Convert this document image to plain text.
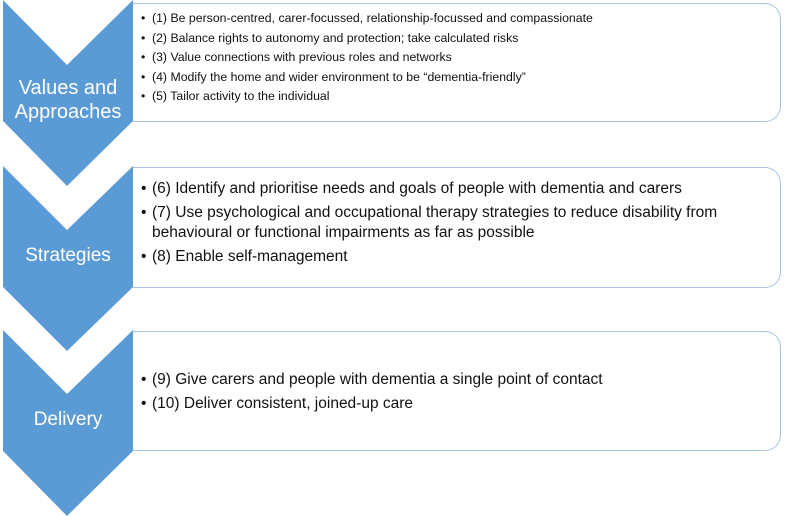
• (1) Be person-centred, carer-focussed, relationship-focussed and compassionate
• (2) Balance rights to autonomy and protection; take calculated risks
• (3) Value connections with previous roles and networks
• (4) Modify the home and wider environment to be “dementia-friendly”
• (5) Tailor activity to the individual
• (6) Identify and prioritise needs and goals of people with dementia and carers
• (7) Use psychological and occupational therapy strategies to reduce disability from behavioural or functional impairments as far as possible
• (8) Enable self-management
• (9) Give carers and people with dementia a single point of contact
• (10) Deliver consistent, joined-up care
Values and
Approaches
Strategies
Delivery
